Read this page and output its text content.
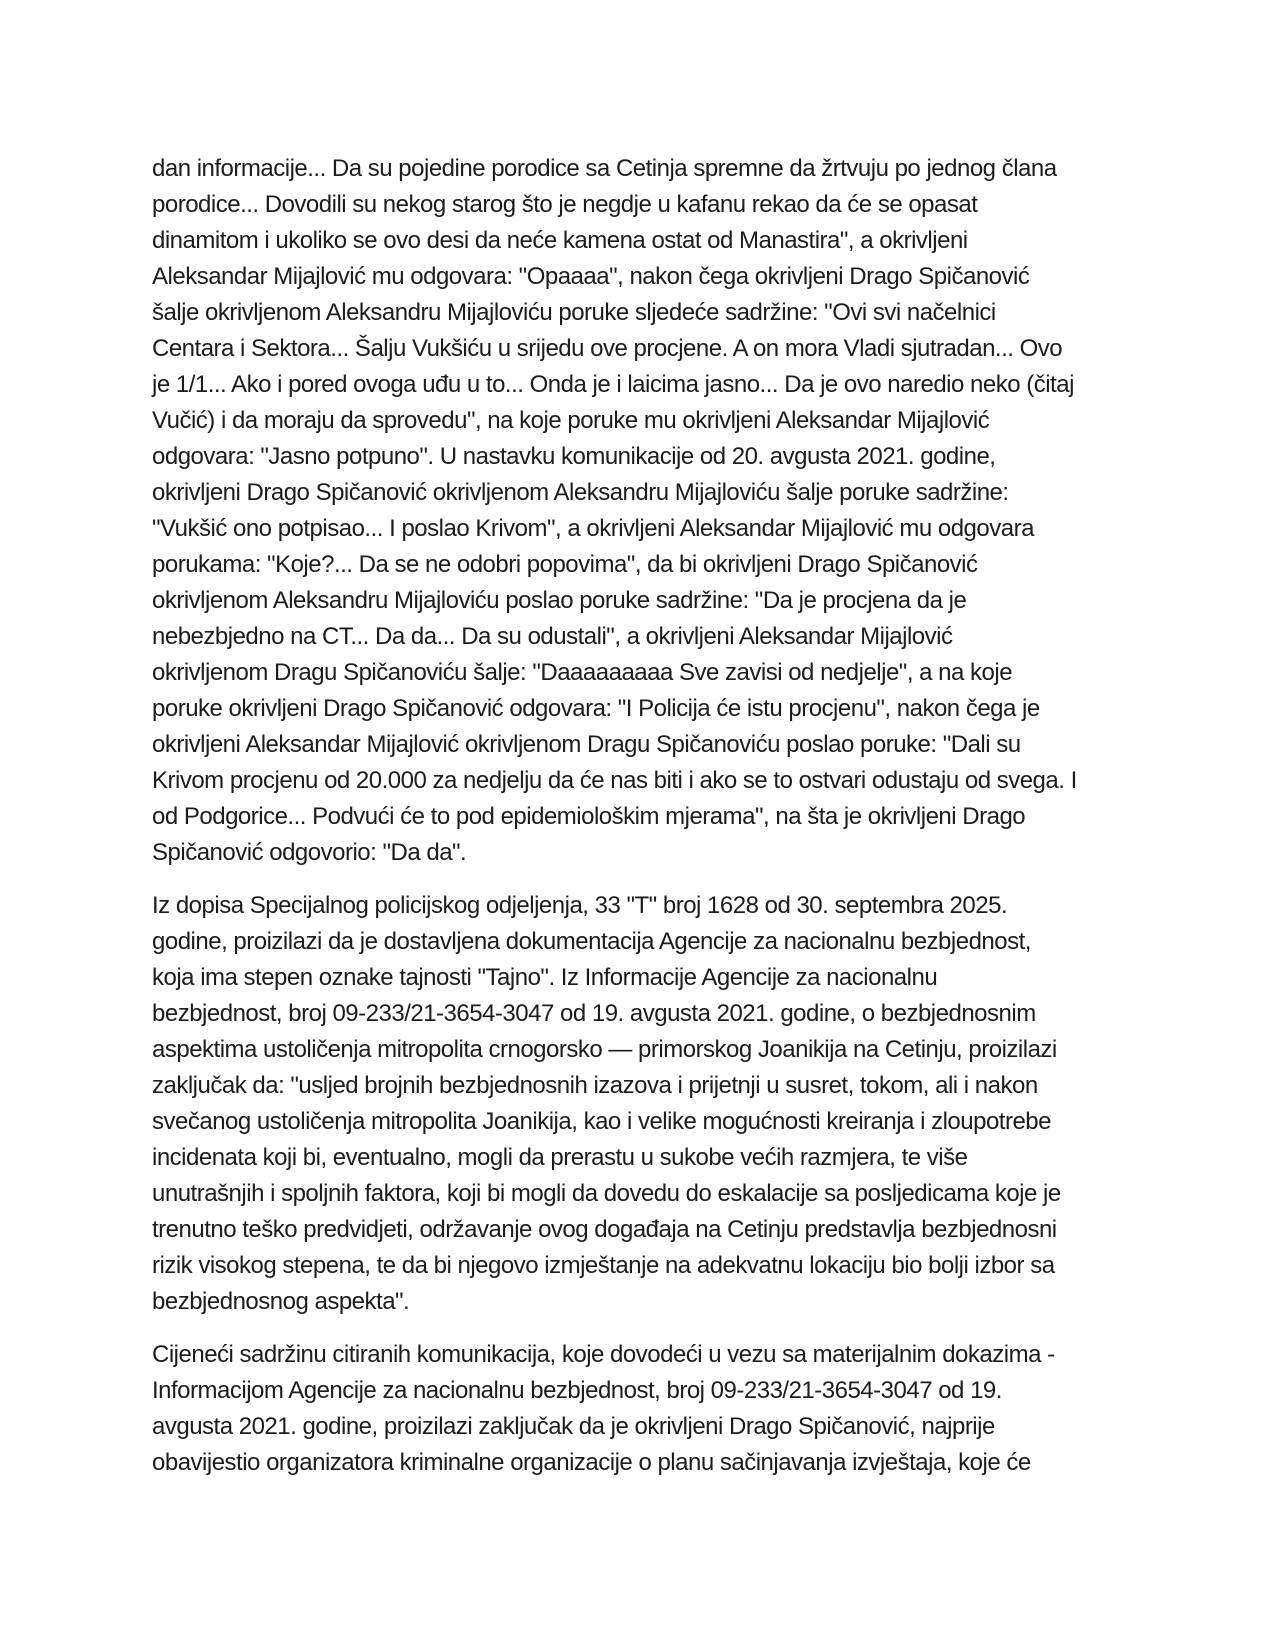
dan informacije... Da su pojedine porodice sa Cetinja spremne da žrtvuju po jednog člana
porodice... Dovodili su nekog starog što je negdje u kafanu rekao da će se opasat
dinamitom i ukoliko se ovo desi da neće kamena ostat od Manastira", a okrivljeni
Aleksandar Mijajlović mu odgovara: "Opaaaa", nakon čega okrivljeni Drago Spičanović
šalje okrivljenom Aleksandru Mijajloviću poruke sljedeće sadržine: "Ovi svi načelnici
Centara i Sektora... Šalju Vukšiću u srijedu ove procjene. A on mora Vladi sjutradan... Ovo
je 1/1... Ako i pored ovoga uđu u to... Onda je i laicima jasno... Da je ovo naredio neko (čitaj
Vučić) i da moraju da sprovedu", na koje poruke mu okrivljeni Aleksandar Mijajlović
odgovara: "Jasno potpuno". U nastavku komunikacije od 20. avgusta 2021. godine,
okrivljeni Drago Spičanović okrivljenom Aleksandru Mijajloviću šalje poruke sadržine:
"Vukšić ono potpisao... I poslao Krivom", a okrivljeni Aleksandar Mijajlović mu odgovara
porukama: "Koje?... Da se ne odobri popovima", da bi okrivljeni Drago Spičanović
okrivljenom Aleksandru Mijajloviću poslao poruke sadržine: "Da je procjena da je
nebezbjedno na CT... Da da... Da su odustali", a okrivljeni Aleksandar Mijajlović
okrivljenom Dragu Spičanoviću šalje: "Daaaaaaaaa Sve zavisi od nedjelje", a na koje
poruke okrivljeni Drago Spičanović odgovara: "I Policija će istu procjenu", nakon čega je
okrivljeni Aleksandar Mijajlović okrivljenom Dragu Spičanoviću poslao poruke: "Dali su
Krivom procjenu od 20.000 za nedjelju da će nas biti i ako se to ostvari odustaju od svega. I
od Podgorice... Podvući će to pod epidemiološkim mjerama", na šta je okrivljeni Drago
Spičanović odgovorio: "Da da".
Iz dopisa Specijalnog policijskog odjeljenja, 33 "T" broj 1628 od 30. septembra 2025.
godine, proizilazi da je dostavljena dokumentacija Agencije za nacionalnu bezbjednost,
koja ima stepen oznake tajnosti "Tajno". Iz Informacije Agencije za nacionalnu
bezbjednost, broj 09-233/21-3654-3047 od 19. avgusta 2021. godine, o bezbjednosnim
aspektima ustoličenja mitropolita crnogorsko — primorskog Joanikija na Cetinju, proizilazi
zaključak da: "usljed brojnih bezbjednosnih izazova i prijetnji u susret, tokom, ali i nakon
svečanog ustoličenja mitropolita Joanikija, kao i velike mogućnosti kreiranja i zloupotrebe
incidenata koji bi, eventualno, mogli da prerastu u sukobe većih razmjera, te više
unutrašnjih i spoljnih faktora, koji bi mogli da dovedu do eskalacije sa posljedicama koje je
trenutno teško predvidjeti, održavanje ovog događaja na Cetinju predstavlja bezbjednosni
rizik visokog stepena, te da bi njegovo izmještanje na adekvatnu lokaciju bio bolji izbor sa
bezbjednosnog aspekta".
Cijeneći sadržinu citiranih komunikacija, koje dovodeći u vezu sa materijalnim dokazima -
Informacijom Agencije za nacionalnu bezbjednost, broj 09-233/21-3654-3047 od 19.
avgusta 2021. godine, proizilazi zaključak da je okrivljeni Drago Spičanović, najprije
obavijestio organizatora kriminalne organizacije o planu sačinjavanja izvještaja, koje će
